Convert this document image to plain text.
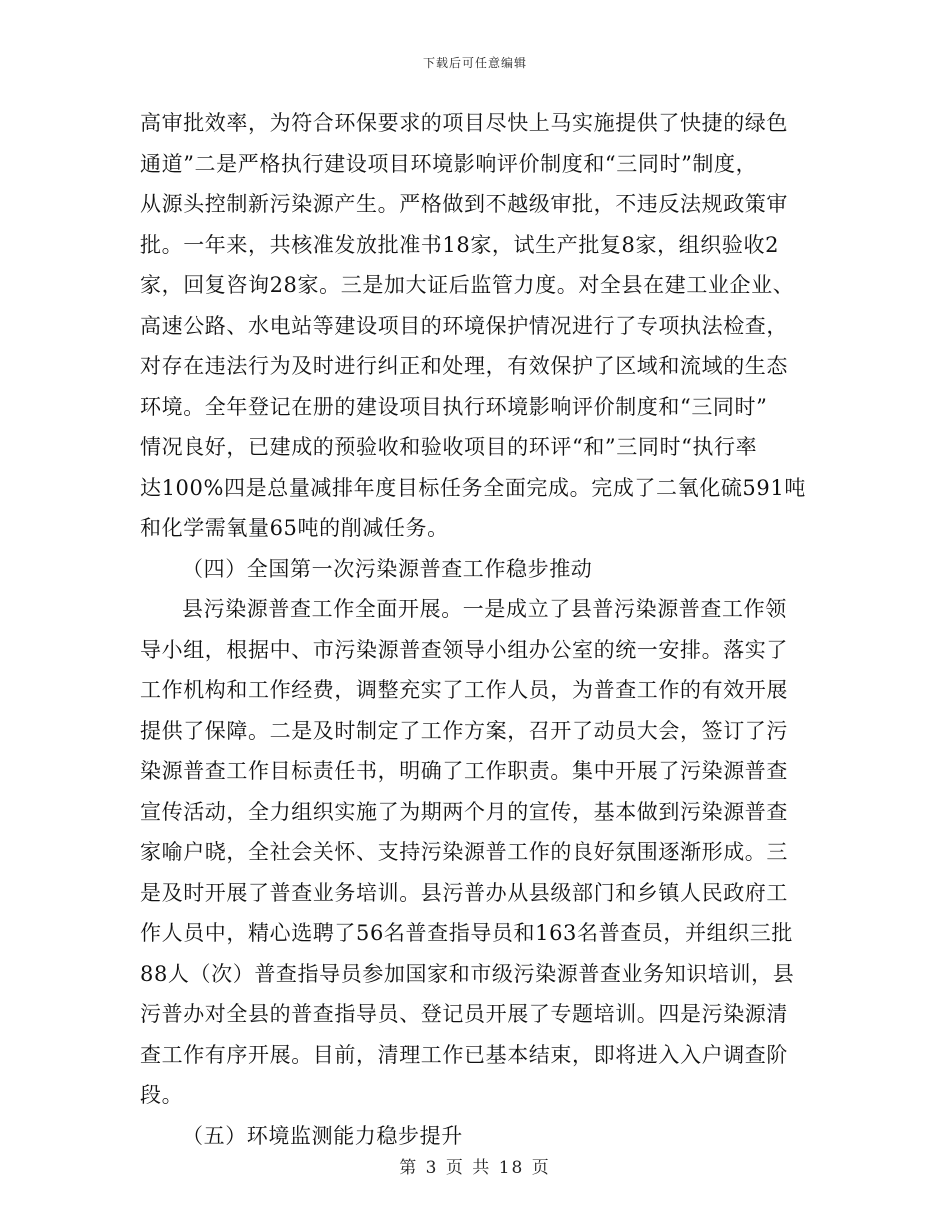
下载后可任意编辑
高审批效率，为符合环保要求的项目尽快上马实施提供了快捷的绿色
通道”二是严格执行建设项目环境影响评价制度和“三同时”制度，
从源头控制新污染源产生。严格做到不越级审批，不违反法规政策审
批。一年来，共核准发放批准书18家，试生产批复8家，组织验收2
家，回复咨询28家。三是加大证后监管力度。对全县在建工业企业、
高速公路、水电站等建设项目的环境保护情况进行了专项执法检查，
对存在违法行为及时进行纠正和处理，有效保护了区域和流域的生态
环境。全年登记在册的建设项目执行环境影响评价制度和“三同时”
情况良好，已建成的预验收和验收项目的环评“和”三同时“执行率
达100%四是总量减排年度目标任务全面完成。完成了二氧化硫591吨
和化学需氧量65吨的削减任务。
（四）全国第一次污染源普查工作稳步推动
县污染源普查工作全面开展。一是成立了县普污染源普查工作领
导小组，根据中、市污染源普查领导小组办公室的统一安排。落实了
工作机构和工作经费，调整充实了工作人员，为普查工作的有效开展
提供了保障。二是及时制定了工作方案，召开了动员大会，签订了污
染源普查工作目标责任书，明确了工作职责。集中开展了污染源普查
宣传活动，全力组织实施了为期两个月的宣传，基本做到污染源普查
家喻户晓，全社会关怀、支持污染源普工作的良好氛围逐渐形成。三
是及时开展了普查业务培训。县污普办从县级部门和乡镇人民政府工
作人员中，精心选聘了56名普查指导员和163名普查员，并组织三批
88人（次）普查指导员参加国家和市级污染源普查业务知识培训，县
污普办对全县的普查指导员、登记员开展了专题培训。四是污染源清
查工作有序开展。目前，清理工作已基本结束，即将进入入户调查阶
段。
（五）环境监测能力稳步提升
第 3 页 共 18 页
